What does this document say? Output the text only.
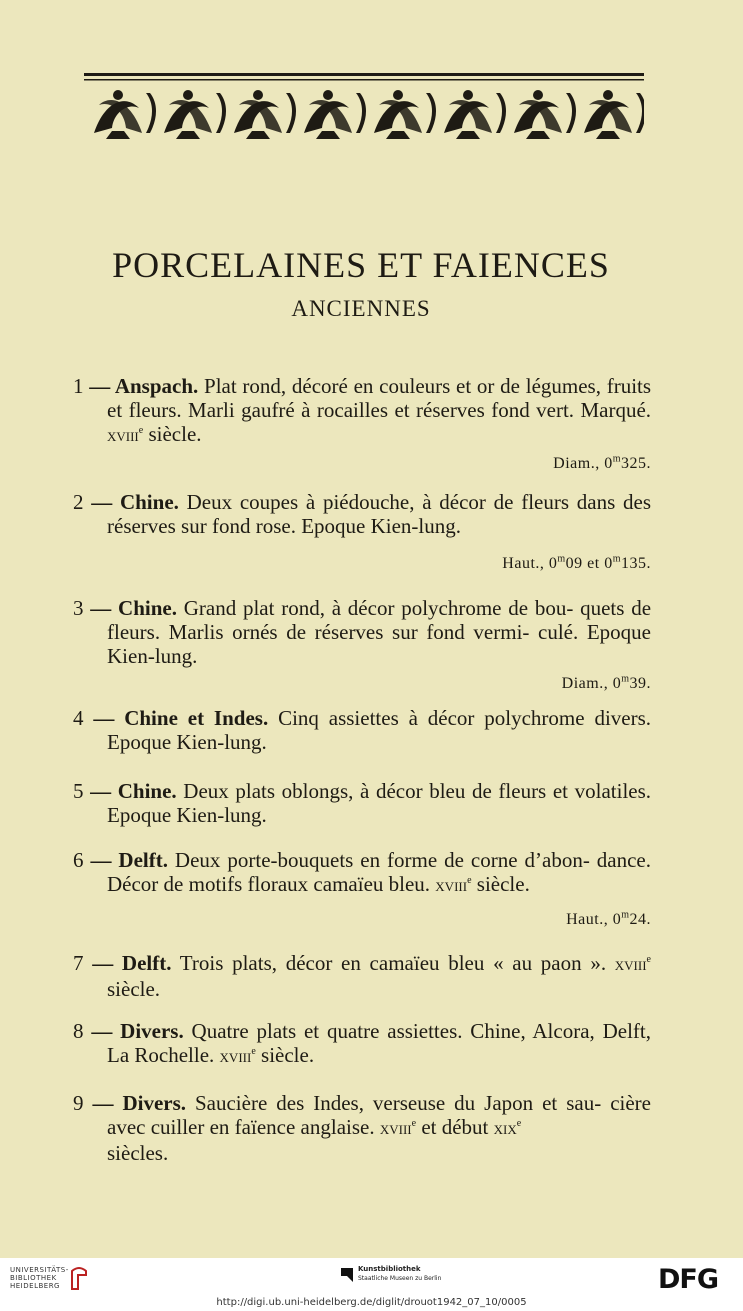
PORCELAINES ET FAIENCES
ANCIENNES
1 — Anspach. Plat rond, décoré en couleurs et or de légumes, fruits et fleurs. Marli gaufré à rocailles et réserves fond vert. Marqué. xviii$^e$ siècle.
Diam., 0$^m$325.
2 — Chine. Deux coupes à piédouche, à décor de fleurs dans des réserves sur fond rose. Epoque Kien-lung.
Haut., 0$^m$09 et 0$^m$135.
3 — Chine. Grand plat rond, à décor polychrome de bou- quets de fleurs. Marlis ornés de réserves sur fond vermi- culé. Epoque Kien-lung.
Diam., 0$^m$39.
4 — Chine et Indes. Cinq assiettes à décor polychrome divers. Epoque Kien-lung.
5 — Chine. Deux plats oblongs, à décor bleu de fleurs et volatiles. Epoque Kien-lung.
6 — Delft. Deux porte-bouquets en forme de corne d’abon- dance. Décor de motifs floraux camaïeu bleu. xviii$^e$ siècle.
Haut., 0$^m$24.
7 — Delft. Trois plats, décor en camaïeu bleu « au paon ». xviii$^e$ siècle.
8 — Divers. Quatre plats et quatre assiettes. Chine, Alcora, Delft, La Rochelle. xviii$^e$ siècle.
9 — Divers. Saucière des Indes, verseuse du Japon et sau- cière avec cuiller en faïence anglaise. xviii$^e$ et début xix$^e$
siècles.
UNIVERSITÄTS-
BIBLIOTHEK
HEIDELBERG
Kunstbibliothek
Staatliche Museen zu Berlin	DFG
http://digi.ub.uni-heidelberg.de/diglit/drouot1942_07_10/0005
